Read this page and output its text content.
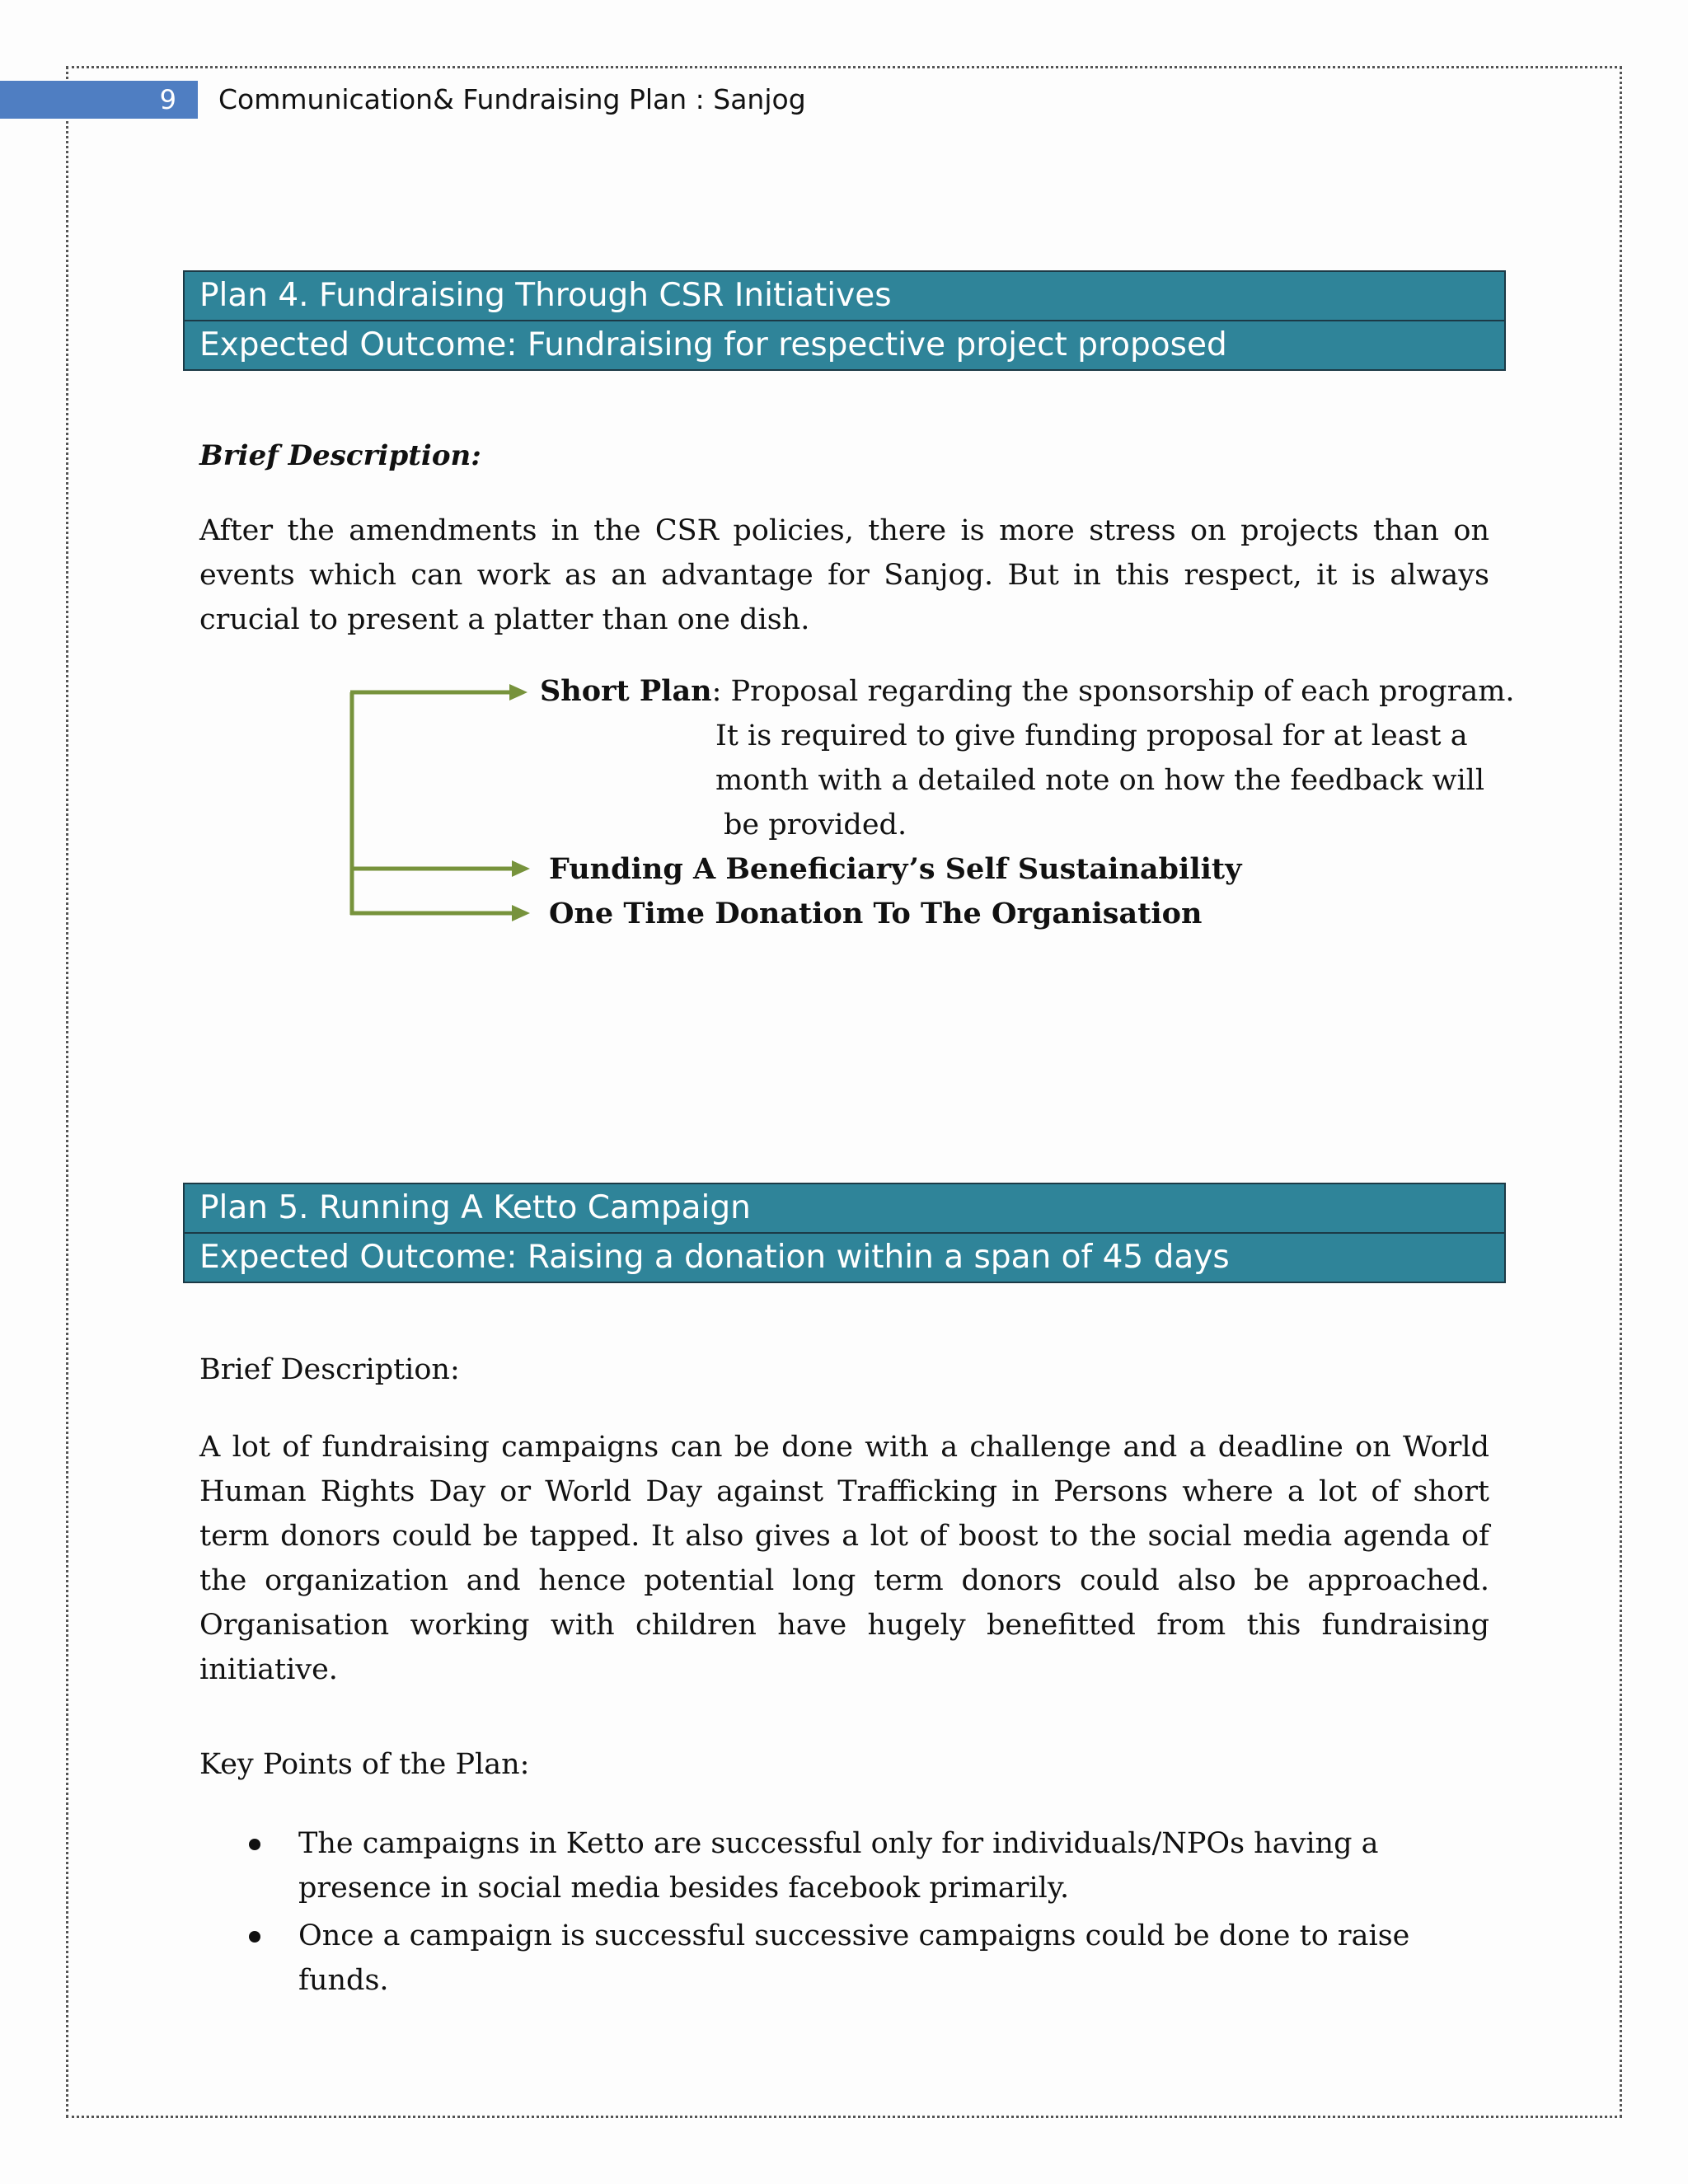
9	Communication& Fundraising Plan : Sanjog
Plan 4. Fundraising Through CSR Initiatives
Expected Outcome: Fundraising for respective project proposed
Brief Description:
After the amendments in the CSR policies, there is more stress on projects than on events which can work as an advantage for Sanjog. But in this respect, it is always crucial to present a platter than one dish.
Short Plan: Proposal regarding the sponsorship of each program.
It is required to give funding proposal for at least a
month with a detailed note on how the feedback will
be provided.
Funding A Beneficiary’s Self Sustainability
One Time Donation To The Organisation
Plan 5. Running A Ketto Campaign
Expected Outcome: Raising a donation within a span of 45 days
Brief Description:
A lot of fundraising campaigns can be done with a challenge and a deadline on World Human Rights Day or World Day against Trafficking in Persons where a lot of short term donors could be tapped. It also gives a lot of boost to the social media agenda of the organization and hence potential long term donors could also be approached. Organisation working with children have hugely benefitted from this fundraising initiative.
Key Points of the Plan:
The campaigns in Ketto are successful only for individuals/NPOs having a presence in social media besides facebook primarily.
Once a campaign is successful successive campaigns could be done to raise funds.
